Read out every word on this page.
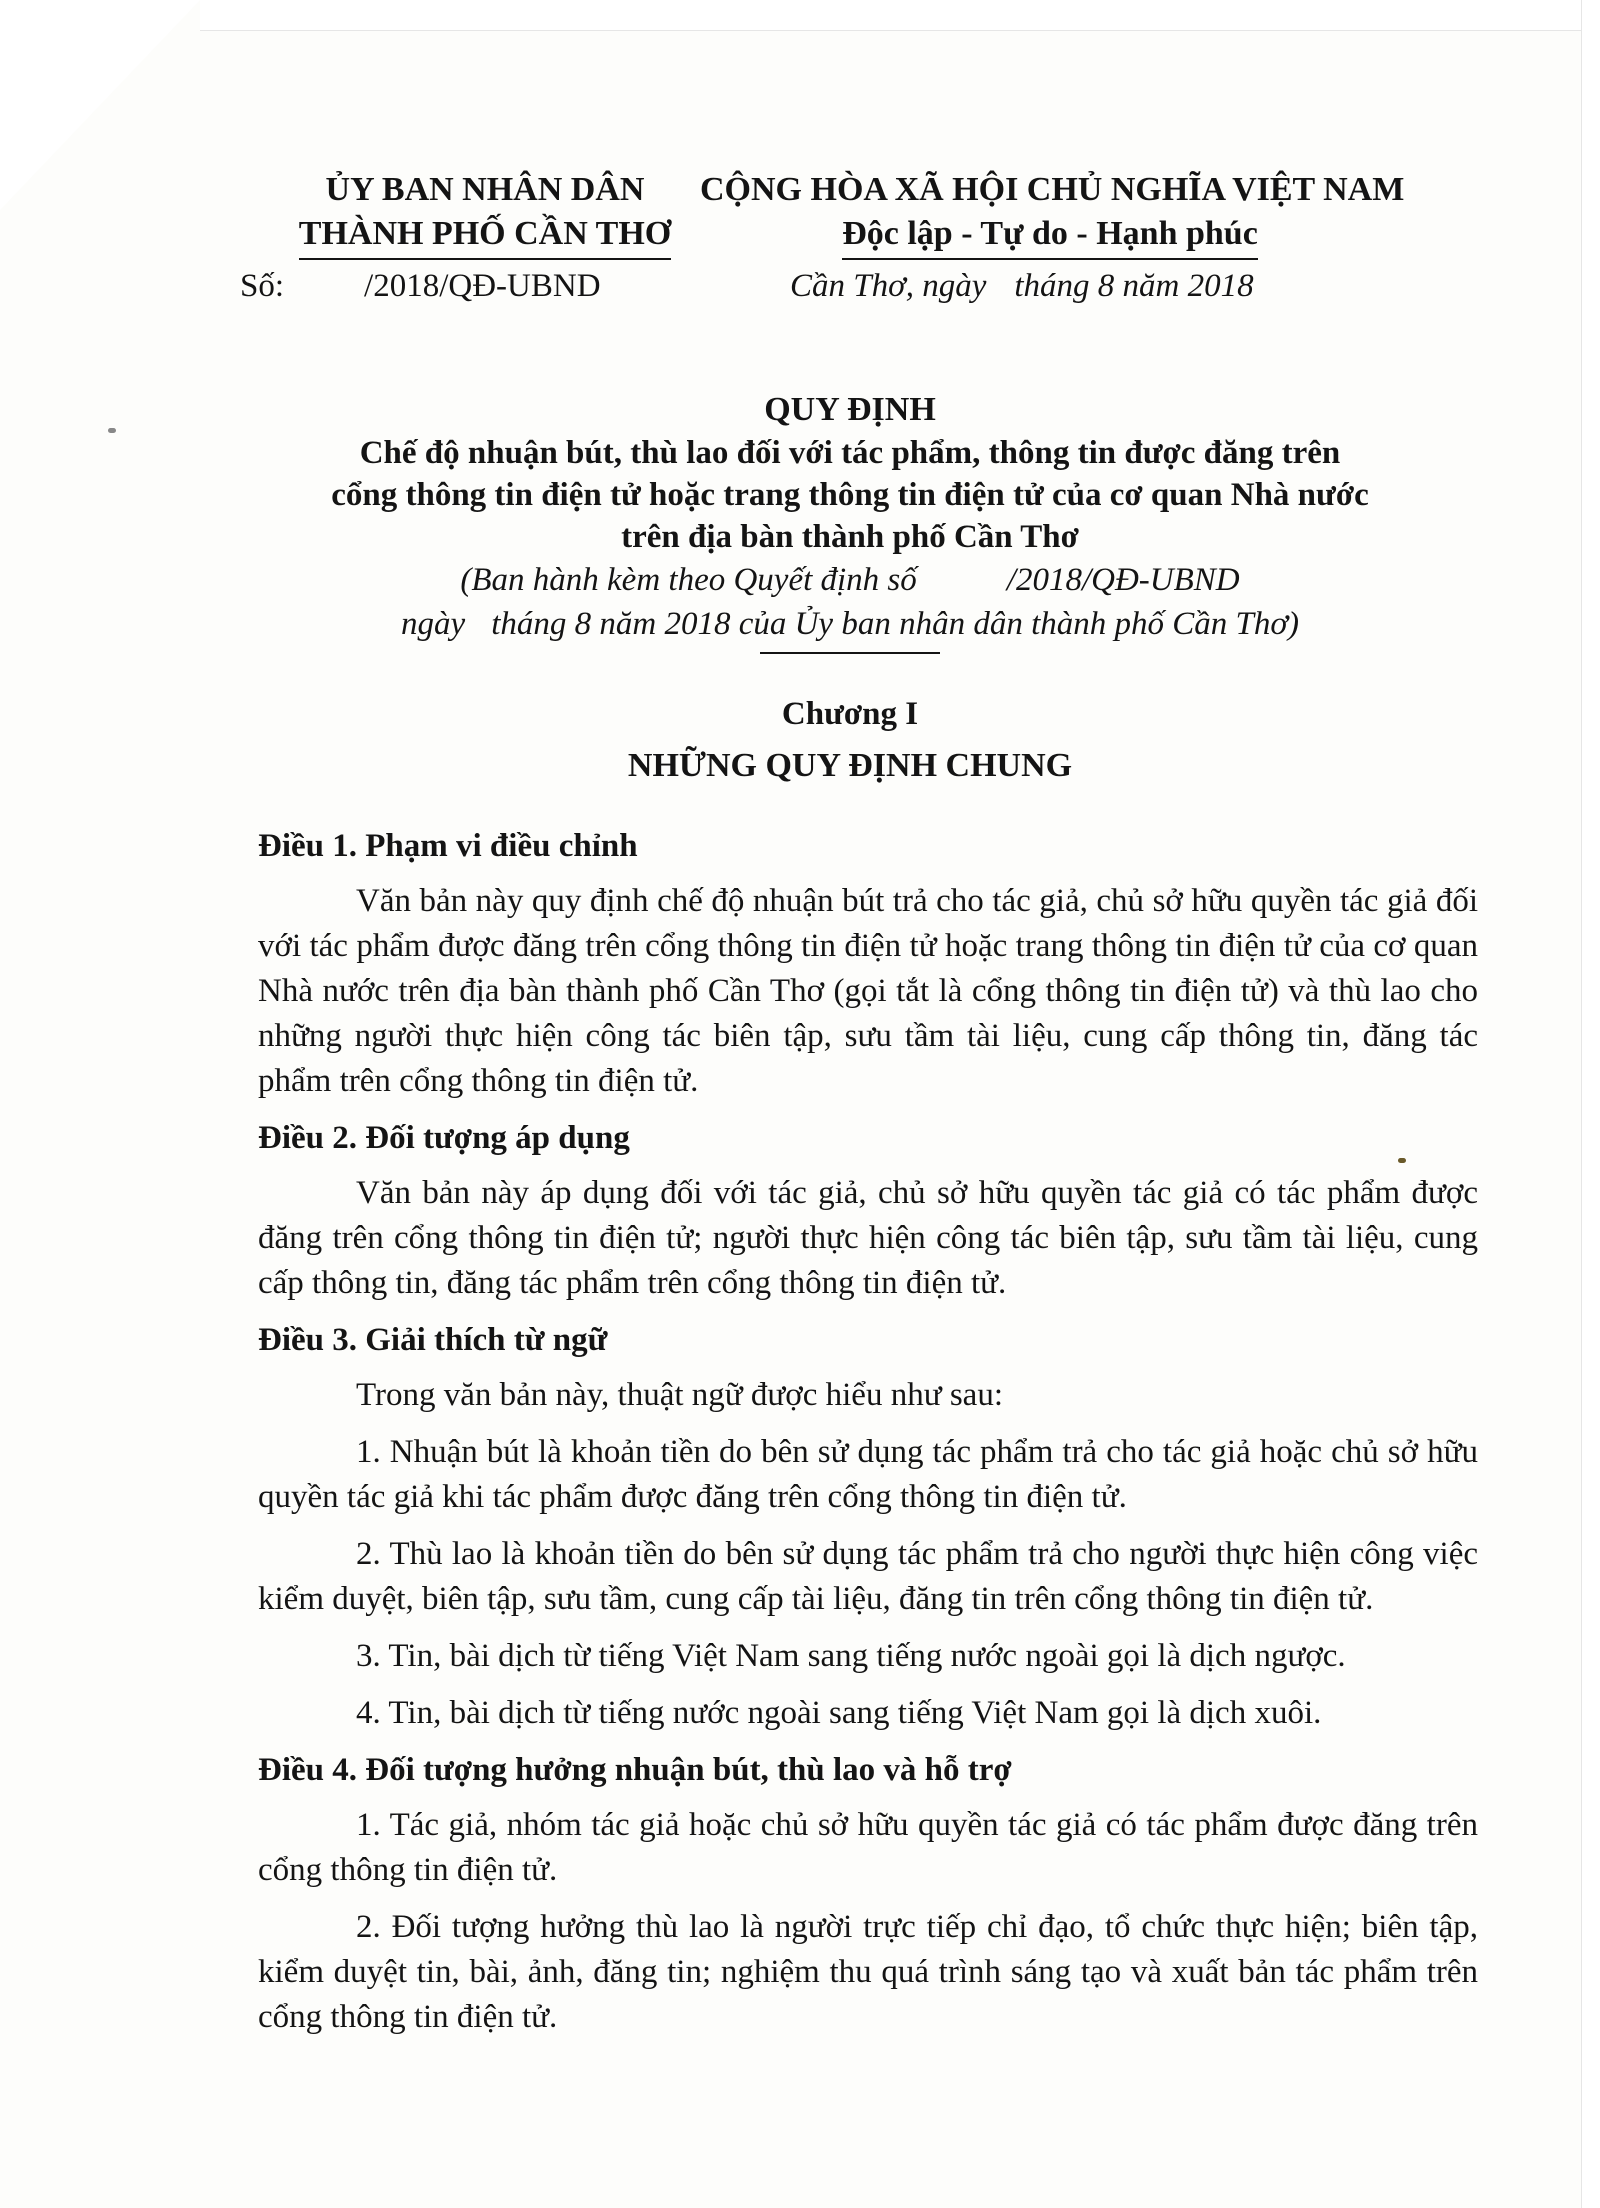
ỦY BAN NHÂN DÂN
THÀNH PHỐ CẦN THƠ
CỘNG HÒA XÃ HỘI CHỦ NGHĨA VIỆT NAM
Độc lập - Tự do - Hạnh phúc
Số: /2018/QĐ-UBND	Cần Thơ, ngày tháng 8 năm 2018
QUY ĐỊNH
Chế độ nhuận bút, thù lao đối với tác phẩm, thông tin được đăng trên
cổng thông tin điện tử hoặc trang thông tin điện tử của cơ quan Nhà nước
trên địa bàn thành phố Cần Thơ
(Ban hành kèm theo Quyết định số	/2018/QĐ-UBND
ngày tháng 8 năm 2018 của Ủy ban nhân dân thành phố Cần Thơ)
Chương I
NHỮNG QUY ĐỊNH CHUNG
Điều 1. Phạm vi điều chỉnh
Văn bản này quy định chế độ nhuận bút trả cho tác giả, chủ sở hữu quyền tác giả đối với tác phẩm được đăng trên cổng thông tin điện tử hoặc trang thông tin điện tử của cơ quan Nhà nước trên địa bàn thành phố Cần Thơ (gọi tắt là cổng thông tin điện tử) và thù lao cho những người thực hiện công tác biên tập, sưu tầm tài liệu, cung cấp thông tin, đăng tác phẩm trên cổng thông tin điện tử.
Điều 2. Đối tượng áp dụng
Văn bản này áp dụng đối với tác giả, chủ sở hữu quyền tác giả có tác phẩm được đăng trên cổng thông tin điện tử; người thực hiện công tác biên tập, sưu tầm tài liệu, cung cấp thông tin, đăng tác phẩm trên cổng thông tin điện tử.
Điều 3. Giải thích từ ngữ
Trong văn bản này, thuật ngữ được hiểu như sau:
1. Nhuận bút là khoản tiền do bên sử dụng tác phẩm trả cho tác giả hoặc chủ sở hữu quyền tác giả khi tác phẩm được đăng trên cổng thông tin điện tử.
2. Thù lao là khoản tiền do bên sử dụng tác phẩm trả cho người thực hiện công việc kiểm duyệt, biên tập, sưu tầm, cung cấp tài liệu, đăng tin trên cổng thông tin điện tử.
3. Tin, bài dịch từ tiếng Việt Nam sang tiếng nước ngoài gọi là dịch ngược.
4. Tin, bài dịch từ tiếng nước ngoài sang tiếng Việt Nam gọi là dịch xuôi.
Điều 4. Đối tượng hưởng nhuận bút, thù lao và hỗ trợ
1. Tác giả, nhóm tác giả hoặc chủ sở hữu quyền tác giả có tác phẩm được đăng trên cổng thông tin điện tử.
2. Đối tượng hưởng thù lao là người trực tiếp chỉ đạo, tổ chức thực hiện; biên tập, kiểm duyệt tin, bài, ảnh, đăng tin; nghiệm thu quá trình sáng tạo và xuất bản tác phẩm trên cổng thông tin điện tử.
